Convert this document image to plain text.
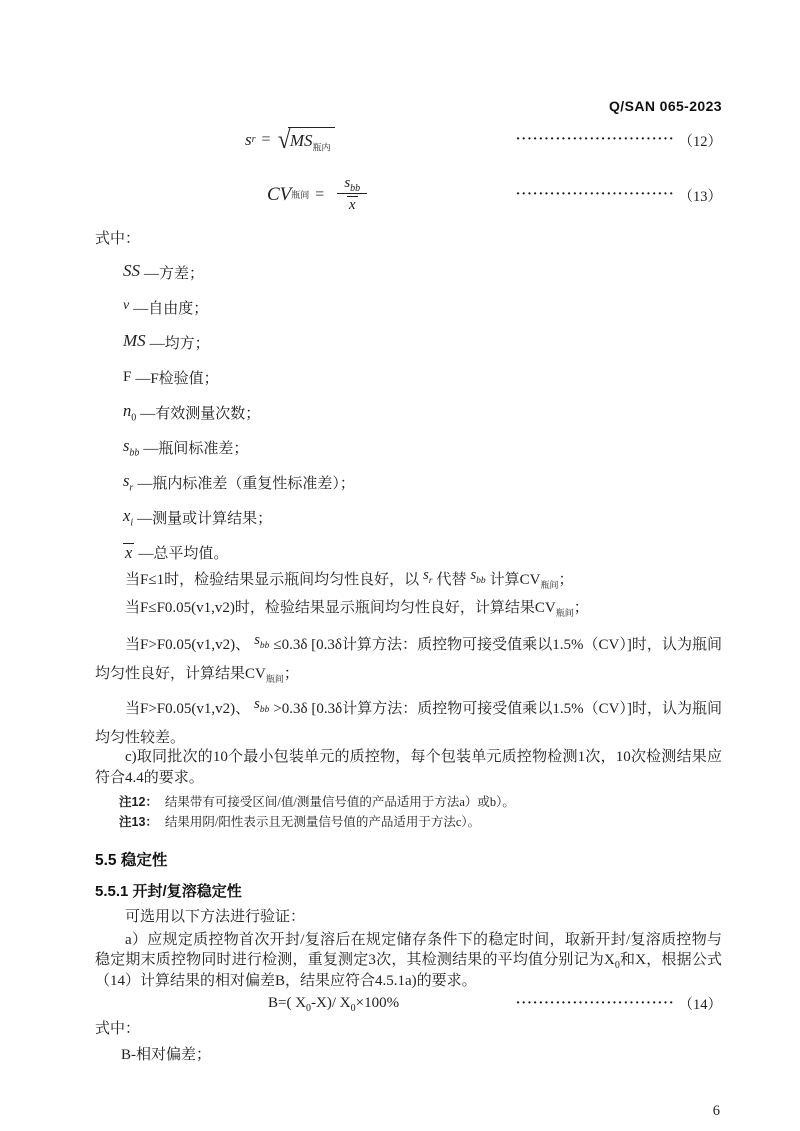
Q/SAN 065-2023
s r = √ $MS_{瓶内}$
···························· （12）
CV 瓶间 = $\frac{s_{bb}}{x}$	···························· （13）
式中：
SS —方差；
v —自由度；
MS —均方；
F —F检验值；
$n_0$ —有效测量次数；
$s_{bb}$ —瓶间标准差；
$s_r$ —瓶内标准差（重复性标准差）；
$x_i$ —测量或计算结果；
x —总平均值。

当F≤1时，检验结果显示瓶间均匀性良好，以 $s_r$ 代替 $s_{bb}$ 计算$CV_{瓶间}$；

当F≤F0.05(v1,v2)时，检验结果显示瓶间均匀性良好，计算结果$CV_{瓶间}$；

当F>F0.05(v1,v2)、 $s_{bb} \le 0.3\delta$ [0.3δ计算方法：质控物可接受值乘以1.5%（CV）]时，认为瓶间均匀性良好，计算结果$CV_{瓶间}$；

当F>F0.05(v1,v2)、 $s_{bb} >0.3\delta$ [0.3δ计算方法：质控物可接受值乘以1.5%（CV）]时，认为瓶间均匀性较差。

c)取同批次的10个最小包装单元的质控物，每个包装单元质控物检测1次，10次检测结果应符合4.4的要求。

注12： 结果带有可接受区间/值/测量信号值的产品适用于方法a）或b）。
注13： 结果用阴/阳性表示且无测量信号值的产品适用于方法c）。
5.5 稳定性
5.5.1 开封/复溶稳定性

可选用以下方法进行验证：

a）应规定质控物首次开封/复溶后在规定储存条件下的稳定时间，取新开封/复溶质控物与稳定期末质控物同时进行检测，重复测定3次，其检测结果的平均值分别记为$X_0$和X，根据公式（14）计算结果的相对偏差B，结果应符合4.5.1a)的要求。

B=( $X_0-X)/$ $X_0\times 100\%$	···························· （14）
式中：
B-相对偏差；
6
